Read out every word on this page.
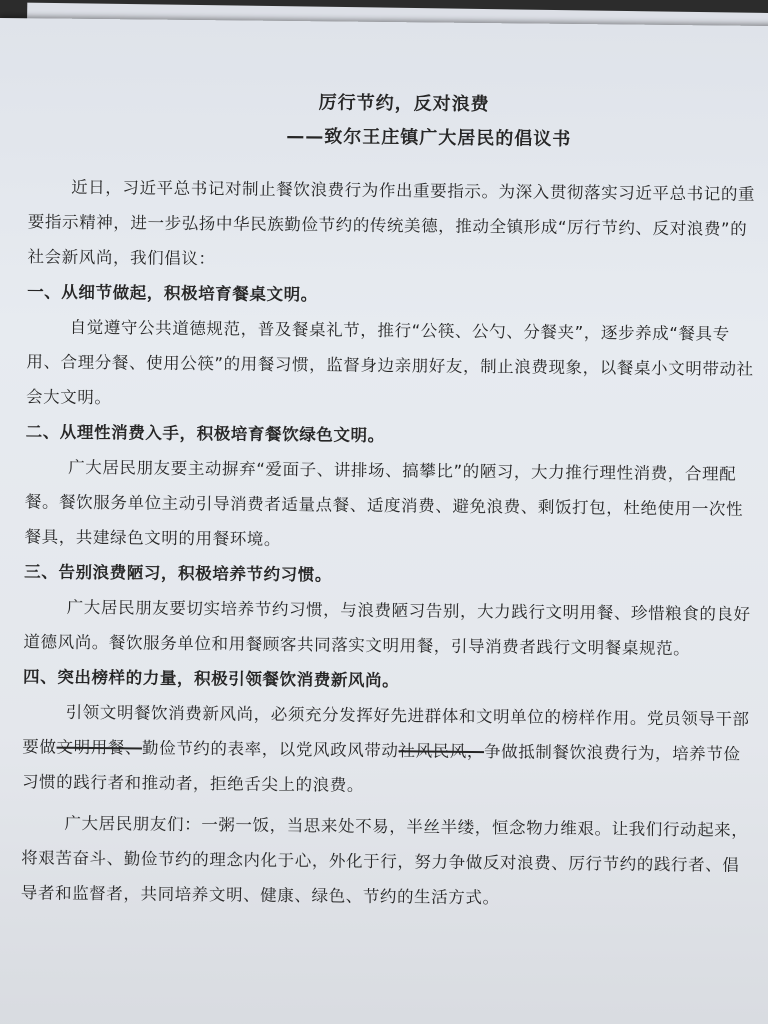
厉行节约，反对浪费
——致尔王庄镇广大居民的倡议书

近日，习近平总书记对制止餐饮浪费行为作出重要指示。为深入贯彻落实习近平总书记的重要指示精神，进一步弘扬中华民族勤俭节约的传统美德，推动全镇形成“厉行节约、反对浪费”的社会新风尚，我们倡议：

一、从细节做起，积极培育餐桌文明。

自觉遵守公共道德规范，普及餐桌礼节，推行“公筷、公勺、分餐夹”，逐步养成“餐具专用、合理分餐、使用公筷”的用餐习惯，监督身边亲朋好友，制止浪费现象，以餐桌小文明带动社会大文明。

二、从理性消费入手，积极培育餐饮绿色文明。

广大居民朋友要主动摒弃“爱面子、讲排场、搞攀比”的陋习，大力推行理性消费，合理配餐。餐饮服务单位主动引导消费者适量点餐、适度消费、避免浪费、剩饭打包，杜绝使用一次性餐具，共建绿色文明的用餐环境。

三、告别浪费陋习，积极培养节约习惯。

广大居民朋友要切实培养节约习惯，与浪费陋习告别，大力践行文明用餐、珍惜粮食的良好道德风尚。餐饮服务单位和用餐顾客共同落实文明用餐，引导消费者践行文明餐桌规范。

四、突出榜样的力量，积极引领餐饮消费新风尚。

引领文明餐饮消费新风尚，必须充分发挥好先进群体和文明单位的榜样作用。党员领导干部要做文明用餐、勤俭节约的表率，以党风政风带动社风民风，争做抵制餐饮浪费行为，培养节俭习惯的践行者和推动者，拒绝舌尖上的浪费。

广大居民朋友们：一粥一饭，当思来处不易，半丝半缕，恒念物力维艰。让我们行动起来，将艰苦奋斗、勤俭节约的理念内化于心，外化于行，努力争做反对浪费、厉行节约的践行者、倡导者和监督者，共同培养文明、健康、绿色、节约的生活方式。
